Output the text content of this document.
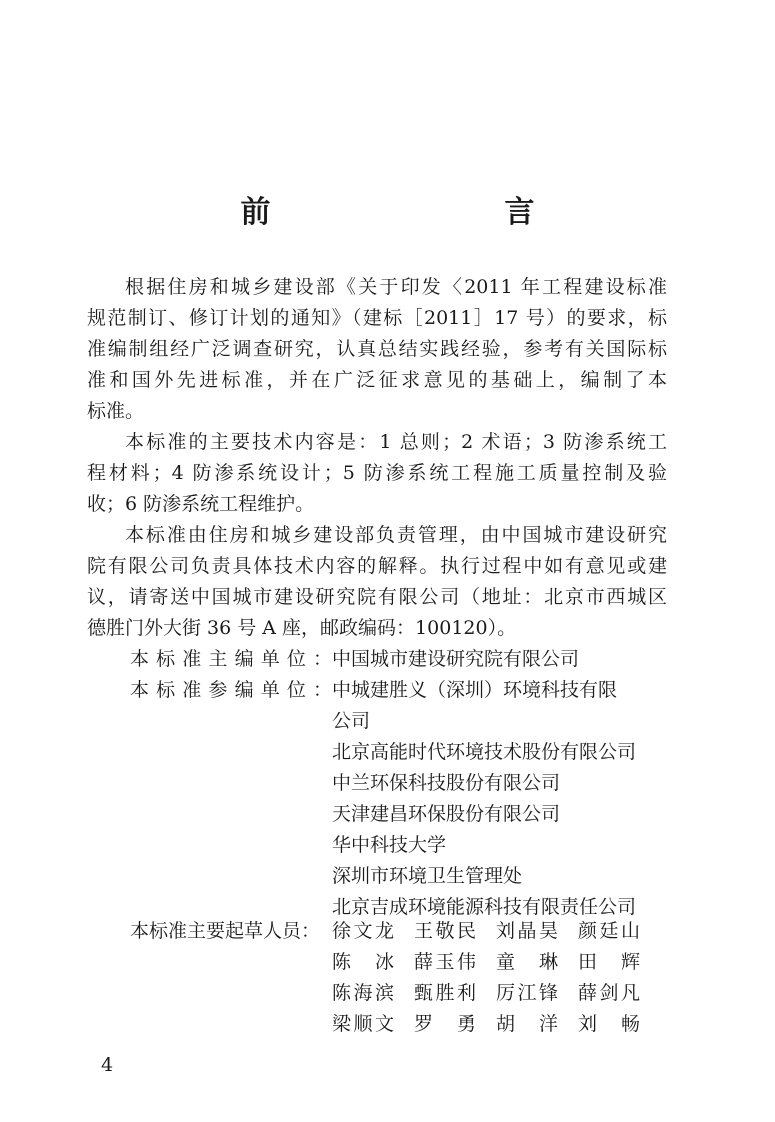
前　　言
根据住房和城乡建设部《关于印发〈2011 年工程建设标准
规范制订、修订计划的通知》（建标［2011］17 号）的要求，标
准编制组经广泛调查研究，认真总结实践经验，参考有关国际标
准和国外先进标准，并在广泛征求意见的基础上，编制了本
标准。
本标准的主要技术内容是：1 总则；2 术语；3 防渗系统工
程材料；4 防渗系统设计；5 防渗系统工程施工质量控制及验
收；6 防渗系统工程维护。
本标准由住房和城乡建设部负责管理，由中国城市建设研究
院有限公司负责具体技术内容的解释。执行过程中如有意见或建
议，请寄送中国城市建设研究院有限公司（地址：北京市西城区
德胜门外大街 36 号 A 座，邮政编码：100120）。
本标准主编单位： 中国城市建设研究院有限公司
本标准参编单位： 中城建胜义（深圳）环境科技有限
公司
北京高能时代环境技术股份有限公司
中兰环保科技股份有限公司
天津建昌环保股份有限公司
华中科技大学
深圳市环境卫生管理处
北京吉成环境能源科技有限责任公司
本标准主要起草人员： 徐文龙 王敬民 刘晶昊 颜廷山
陈冰 薛玉伟 童琳 田辉
陈海滨 甄胜利 厉江锋 薛剑凡
梁顺文 罗勇 胡洋 刘畅
4
